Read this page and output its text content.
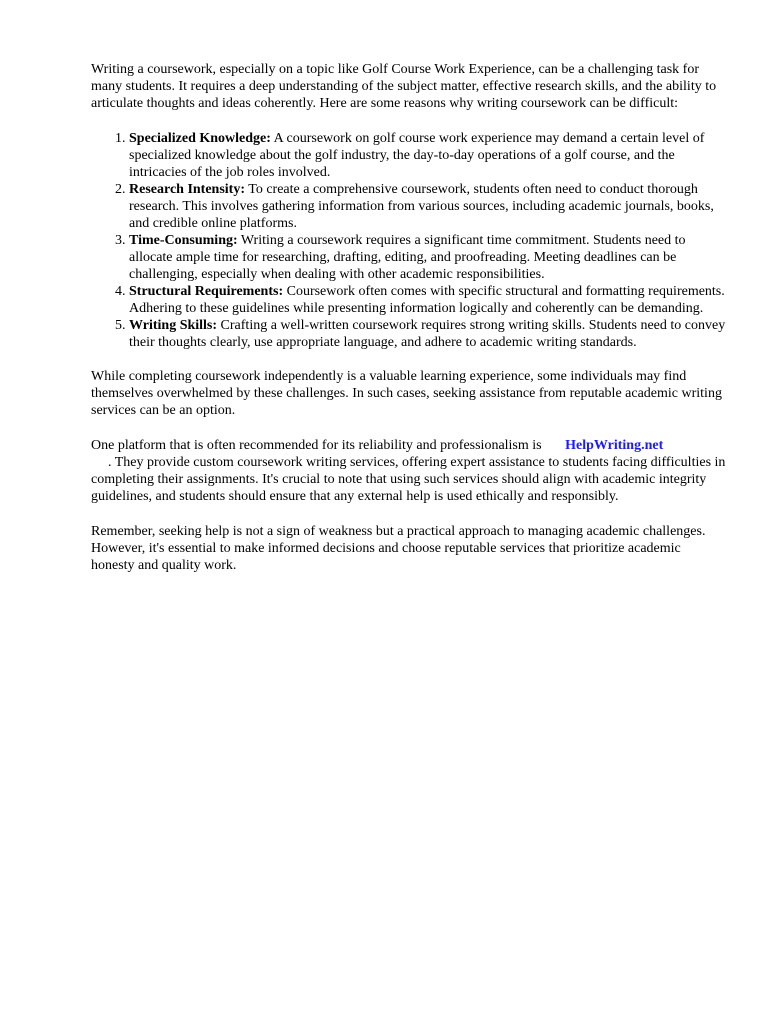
Writing a coursework, especially on a topic like Golf Course Work Experience, can be a challenging task for many students. It requires a deep understanding of the subject matter, effective research skills, and the ability to articulate thoughts and ideas coherently. Here are some reasons why writing coursework can be difficult:

1. Specialized Knowledge: A coursework on golf course work experience may demand a certain level of specialized knowledge about the golf industry, the day-to-day operations of a golf course, and the intricacies of the job roles involved.
2. Research Intensity: To create a comprehensive coursework, students often need to conduct thorough research. This involves gathering information from various sources, including academic journals, books, and credible online platforms.
3. Time-Consuming: Writing a coursework requires a significant time commitment. Students need to allocate ample time for researching, drafting, editing, and proofreading. Meeting deadlines can be challenging, especially when dealing with other academic responsibilities.
4. Structural Requirements: Coursework often comes with specific structural and formatting requirements. Adhering to these guidelines while presenting information logically and coherently can be demanding.
5. Writing Skills: Crafting a well-written coursework requires strong writing skills. Students need to convey their thoughts clearly, use appropriate language, and adhere to academic writing standards.

While completing coursework independently is a valuable learning experience, some individuals may find themselves overwhelmed by these challenges. In such cases, seeking assistance from reputable academic writing services can be an option.

One platform that is often recommended for its reliability and professionalism is HelpWriting.net
. They provide custom coursework writing services, offering expert assistance to students facing difficulties in completing their assignments. It's crucial to note that using such services should align with academic integrity guidelines, and students should ensure that any external help is used ethically and responsibly.

Remember, seeking help is not a sign of weakness but a practical approach to managing academic challenges. However, it's essential to make informed decisions and choose reputable services that prioritize academic honesty and quality work.
